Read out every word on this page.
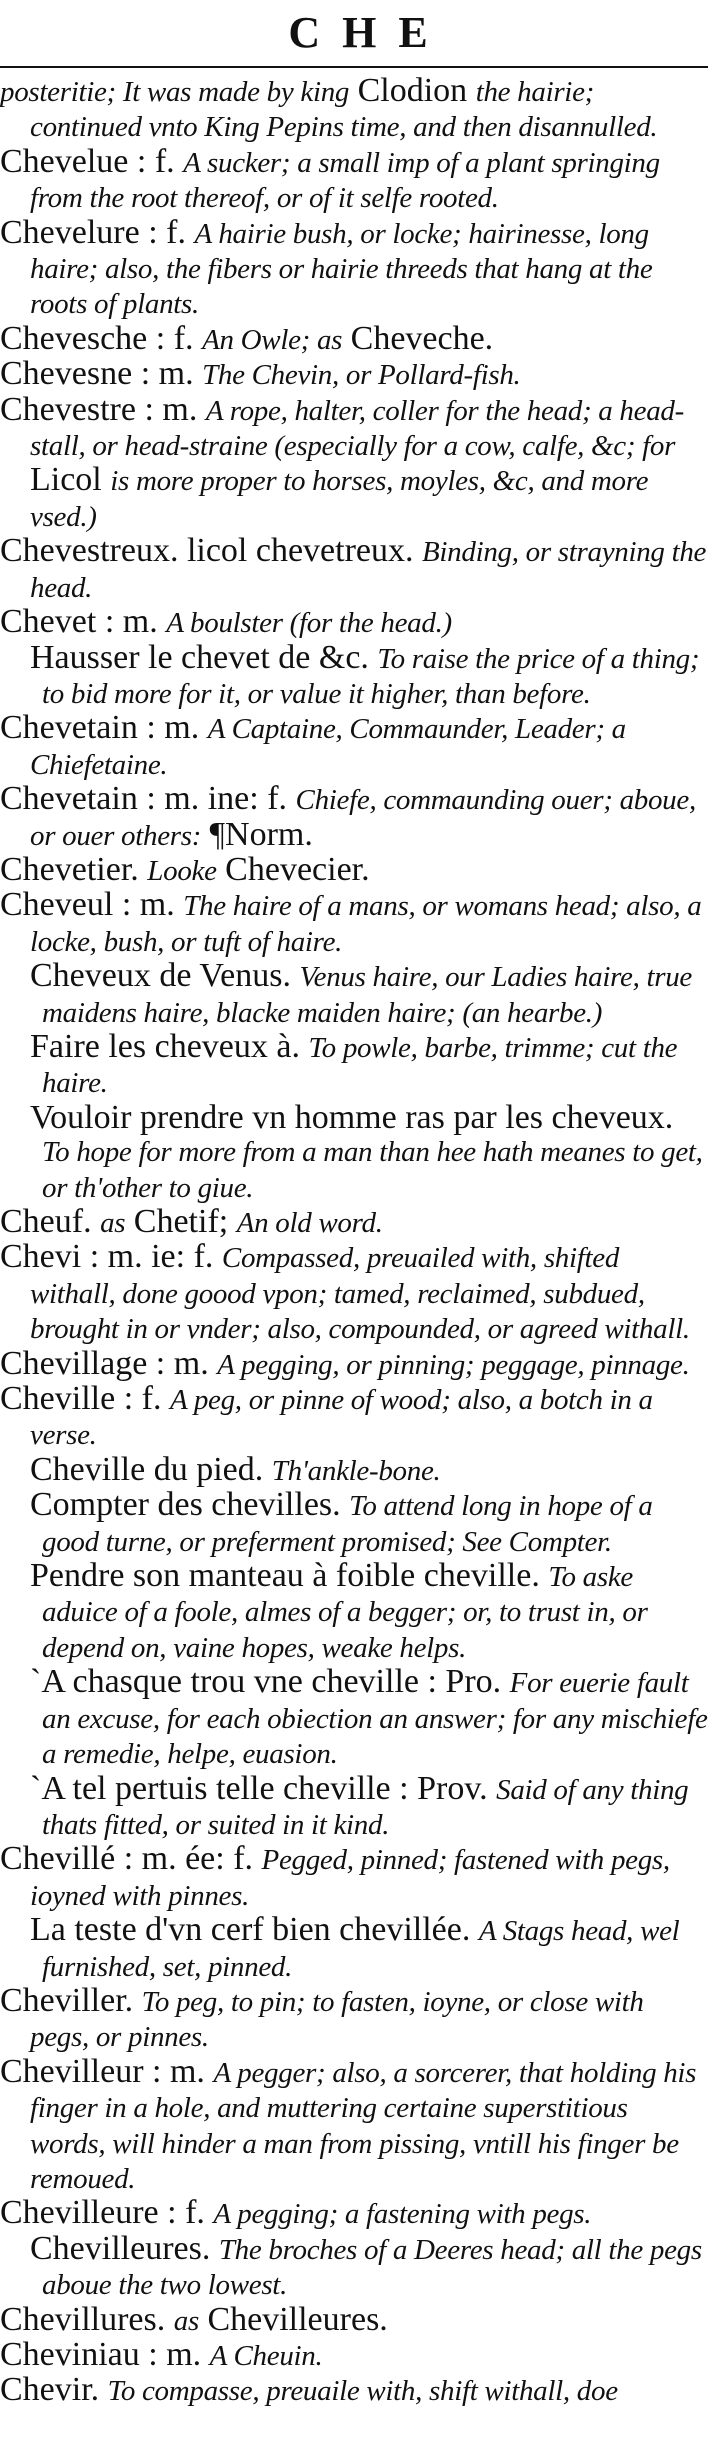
CHE

posteritie; It was made by king Clodion the hairie; continued vnto King Pepins time, and then disannulled.

Chevelue : f. A sucker; a small imp of a plant springing from the root thereof, or of it selfe rooted.

Chevelure : f. A hairie bush, or locke; hairinesse, long haire; also, the fibers or hairie threeds that hang at the roots of plants.

Chevesche : f. An Owle; as Cheveche.

Chevesne : m. The Chevin, or Pollard-fish.

Chevestre : m. A rope, halter, coller for the head; a head-stall, or head-straine (especially for a cow, calfe, &c; for Licol is more proper to horses, moyles, &c, and more vsed.)

Chevestreux. licol chevetreux. Binding, or strayning the head.

Chevet : m. A boulster (for the head.)

Hausser le chevet de &c. To raise the price of a thing; to bid more for it, or value it higher, than before.

Chevetain : m. A Captaine, Commaunder, Leader; a Chiefetaine.

Chevetain : m. ine: f. Chiefe, commaunding ouer; aboue, or ouer others: ¶Norm.

Chevetier. Looke Chevecier.

Cheveul : m. The haire of a mans, or womans head; also, a locke, bush, or tuft of haire.

Cheveux de Venus. Venus haire, our Ladies haire, true maidens haire, blacke maiden haire; (an hearbe.)

Faire les cheveux à. To powle, barbe, trimme; cut the haire.

Vouloir prendre vn homme ras par les cheveux. To hope for more from a man than hee hath meanes to get, or th'other to giue.

Cheuf. as Chetif; An old word.

Chevi : m. ie: f. Compassed, preuailed with, shifted withall, done goood vpon; tamed, reclaimed, subdued, brought in or vnder; also, compounded, or agreed withall.

Chevillage : m. A pegging, or pinning; peggage, pinnage.

Cheville : f. A peg, or pinne of wood; also, a botch in a verse.

Cheville du pied. Th'ankle-bone.

Compter des chevilles. To attend long in hope of a good turne, or preferment promised; See Compter.

Pendre son manteau à foible cheville. To aske aduice of a foole, almes of a begger; or, to trust in, or depend on, vaine hopes, weake helps.

`A chasque trou vne cheville : Pro. For euerie fault an excuse, for each obiection an answer; for any mischiefe a remedie, helpe, euasion.

`A tel pertuis telle cheville : Prov. Said of any thing thats fitted, or suited in it kind.

Chevillé : m. ée: f. Pegged, pinned; fastened with pegs, ioyned with pinnes.

La teste d'vn cerf bien chevillée. A Stags head, wel furnished, set, pinned.

Cheviller. To peg, to pin; to fasten, ioyne, or close with pegs, or pinnes.

Chevilleur : m. A pegger; also, a sorcerer, that holding his finger in a hole, and muttering certaine superstitious words, will hinder a man from pissing, vntill his finger be remoued.

Chevilleure : f. A pegging; a fastening with pegs.

Chevilleures. The broches of a Deeres head; all the pegs aboue the two lowest.

Chevillures. as Chevilleures.

Cheviniau : m. A Cheuin.

Chevir. To compasse, preuaile with, shift withall, doe
